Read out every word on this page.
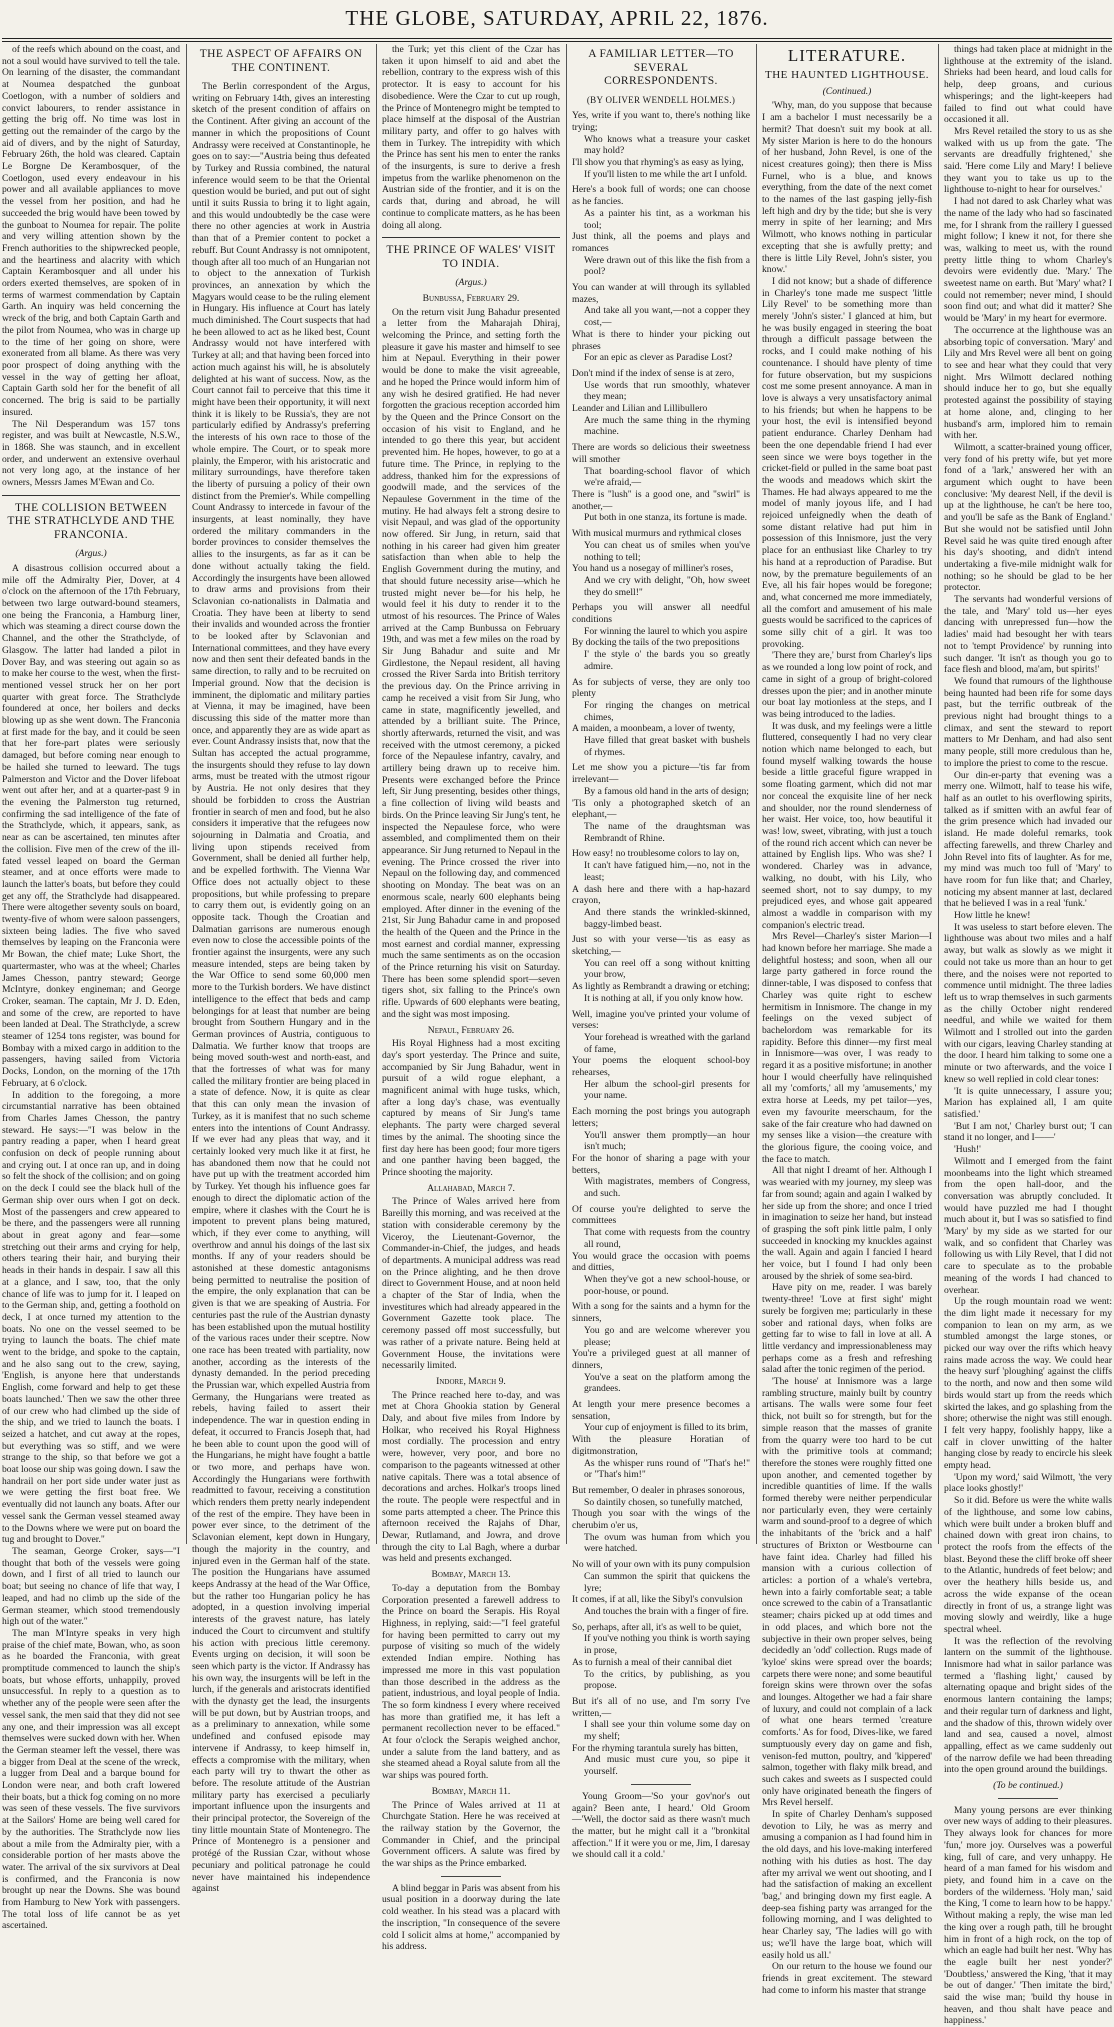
THE GLOBE, SATURDAY, APRIL 22, 1876.

of the reefs which abound on the coast, and not a soul would have survived to tell the tale. On learning of the disaster, the commandant at Noumea despatched the gunboat Coetlogon, with a number of soldiers and convict labourers, to render assistance in getting the brig off. No time was lost in getting out the remainder of the cargo by the aid of divers, and by the night of Saturday, February 26th, the hold was cleared. Captain Le Borgne De Kerambosquer, of the Coetlogon, used every endeavour in his power and all available appliances to move the vessel from her position, and had he succeeded the brig would have been towed by the gunboat to Noumea for repair. The polite and very willing attention shown by the French authorities to the shipwrecked people, and the heartiness and alacrity with which Captain Kerambosquer and all under his orders exerted themselves, are spoken of in terms of warmest commendation by Captain Garth. An inquiry was held concerning the wreck of the brig, and both Captain Garth and the pilot from Noumea, who was in charge up to the time of her going on shore, were exonerated from all blame. As there was very poor prospect of doing anything with the vessel in the way of getting her afloat, Captain Garth sold her for the benefit of all concerned. The brig is said to be partially insured.

The Nil Desperandum was 157 tons register, and was built at Newcastle, N.S.W., in 1868. She was staunch, and in excellent order, and underwent an extensive overhaul not very long ago, at the instance of her owners, Messrs James M'Ewan and Co.

THE COLLISION BETWEEN THE STRATHCLYDE AND THE FRANCONIA.
(Argus.)

A disastrous collision occurred about a mile off the Admiralty Pier, Dover, at 4 o'clock on the afternoon of the 17th February, between two large outward-bound steamers, one being the Franconia, a Hamburg liner, which was steaming a direct course down the Channel, and the other the Strathclyde, of Glasgow. The latter had landed a pilot in Dover Bay, and was steering out again so as to make her course to the west, when the first-mentioned vessel struck her on her port quarter with great force. The Strathclyde foundered at once, her boilers and decks blowing up as she went down. The Franconia at first made for the bay, and it could be seen that her fore-part plates were seriously damaged, but before coming near enough to be hailed she turned to leeward. The tugs Palmerston and Victor and the Dover lifeboat went out after her, and at a quarter-past 9 in the evening the Palmerston tug returned, confirming the sad intelligence of the fate of the Strathclyde, which, it appears, sank, as near as can be ascertained, ten minutes after the collision. Five men of the crew of the ill-fated vessel leaped on board the German steamer, and at once efforts were made to launch the latter's boats, but before they could get any off, the Strathclyde had disappeared. There were altogether seventy souls on board, twenty-five of whom were saloon passengers, sixteen being ladies. The five who saved themselves by leaping on the Franconia were Mr Bowan, the chief mate; Luke Short, the quartermaster, who was at the wheel; Charles James Chesson, pantry steward; George McIntyre, donkey engineman; and George Croker, seaman. The captain, Mr J. D. Eden, and some of the crew, are reported to have been landed at Deal. The Strathclyde, a screw steamer of 1254 tons register, was bound for Bombay with a mixed cargo in addition to the passengers, having sailed from Victoria Docks, London, on the morning of the 17th February, at 6 o'clock.

In addition to the foregoing, a more circumstantial narrative has been obtained from Charles James Chesson, the pantry steward. He says:—"I was below in the pantry reading a paper, when I heard great confusion on deck of people running about and crying out. I at once ran up, and in doing so felt the shock of the collision; and on going on the deck I could see the black hull of the German ship over ours when I got on deck. Most of the passengers and crew appeared to be there, and the passengers were all running about in great agony and fear—some stretching out their arms and crying for help, others tearing their hair, and burying their heads in their hands in despair. I saw all this at a glance, and I saw, too, that the only chance of life was to jump for it. I leaped on to the German ship, and, getting a foothold on deck, I at once turned my attention to the boats. No one on the vessel seemed to be trying to launch the boats. The chief mate went to the bridge, and spoke to the captain, and he also sang out to the crew, saying, 'English, is anyone here that understands English, come forward and help to get these boats launched.' Then we saw the other three of our crew who had climbed up the side of the ship, and we tried to launch the boats. I seized a hatchet, and cut away at the ropes, but everything was so stiff, and we were strange to the ship, so that before we got a boat loose our ship was going down. I saw the handrail on her port side under water just as we were getting the first boat free. We eventually did not launch any boats. After our vessel sank the German vessel steamed away to the Downs where we were put on board the tug and brought to Dover."

The seaman, George Croker, says—"I thought that both of the vessels were going down, and I first of all tried to launch our boat; but seeing no chance of life that way, I leaped, and had no climb up the side of the German steamer, which stood tremendously high out of the water."

The man M'Intyre speaks in very high praise of the chief mate, Bowan, who, as soon as he boarded the Franconia, with great promptitude commenced to launch the ship's boats, but whose efforts, unhappily, proved unsuccessful. In reply to a question as to whether any of the people were seen after the vessel sank, the men said that they did not see any one, and their impression was all except themselves were sucked down with her. When the German steamer left the vessel, there was a bigger from Deal at the scene of the wreck, a lugger from Deal and a barque bound for London were near, and both craft lowered their boats, but a thick fog coming on no more was seen of these vessels. The five survivors at the Sailors' Home are being well cared for by the authorities. The Strathclyde now lies about a mile from the Admiralty pier, with a considerable portion of her masts above the water. The arrival of the six survivors at Deal is confirmed, and the Franconia is now brought up near the Downs. She was bound from Hamburg to New York with passengers. The total loss of life cannot be as yet ascertained.

THE ASPECT OF AFFAIRS ON THE CONTINENT.

The Berlin correspondent of the Argus, writing on February 14th, gives an interesting sketch of the present condition of affairs on the Continent. After giving an account of the manner in which the propositions of Count Andrassy were received at Constantinople, he goes on to say:—"Austria being thus defeated by Turkey and Russia combined, the natural inference would seem to be that the Oriental question would be buried, and put out of sight until it suits Russia to bring it to light again, and this would undoubtedly be the case were there no other agencies at work in Austria than that of a Premier content to pocket a rebuff. But Count Andrassy is not omnipotent, though after all too much of an Hungarian not to object to the annexation of Turkish provinces, an annexation by which the Magyars would cease to be the ruling element in Hungary. His influence at Court has lately much diminished. The Court suspects that had he been allowed to act as he liked best, Count Andrassy would not have interfered with Turkey at all; and that having been forced into action much against his will, he is absolutely delighted at his want of success. Now, as the Court cannot fail to perceive that this time it might have been their opportunity, it will next think it is likely to be Russia's, they are not particularly edified by Andrassy's preferring the interests of his own race to those of the whole empire. The Court, or to speak more plainly, the Emperor, with his aristocratic and military surroundings, have therefore taken the liberty of pursuing a policy of their own distinct from the Premier's. While compelling Count Andrassy to intercede in favour of the insurgents, at least nominally, they have ordered the military commanders in the border provinces to consider themselves the allies to the insurgents, as far as it can be done without actually taking the field. Accordingly the insurgents have been allowed to draw arms and provisions from their Sclavonian co-nationalists in Dalmatia and Croatia. They have been at liberty to send their invalids and wounded across the frontier to be looked after by Sclavonian and International committees, and they have every now and then sent their defeated bands in the same direction, to rally and to be recruited on Imperial ground. Now that the decision is imminent, the diplomatic and military parties at Vienna, it may be imagined, have been discussing this side of the matter more than once, and apparently they are as wide apart as ever. Count Andrassy insists that, now that the Sultan has accepted the actual programme, the insurgents should they refuse to lay down arms, must be treated with the utmost rigour by Austria. He not only desires that they should be forbidden to cross the Austrian frontier in search of men and food, but he also considers it imperative that the refugees now sojourning in Dalmatia and Croatia, and living upon stipends received from Government, shall be denied all further help, and be expelled forthwith. The Vienna War Office does not actually object to these propositions, but while professing to prepare to carry them out, is evidently going on an opposite tack. Though the Croatian and Dalmatian garrisons are numerous enough even now to close the accessible points of the frontier against the insurgents, were any such measure intended, steps are being taken by the War Office to send some 60,000 men more to the Turkish borders. We have distinct intelligence to the effect that beds and camp belongings for at least that number are being brought from Southern Hungary and in the German provinces of Austria, contiguous to Dalmatia. We further know that troops are being moved south-west and north-east, and that the fortresses of what was for many called the military frontier are being placed in a state of defence. Now, it is quite as clear that this can only mean the invasion of Turkey, as it is manifest that no such scheme enters into the intentions of Count Andrassy. If we ever had any pleas that way, and it certainly looked very much like it at first, he has abandoned them now that he could not have put up with the treatment accorded him by Turkey. Yet though his influence goes far enough to direct the diplomatic action of the empire, where it clashes with the Court he is impotent to prevent plans being matured, which, if they ever come to anything, will overthrow and annul his doings of the last six months. If any of your readers should be astonished at these domestic antagonisms being permitted to neutralise the position of the empire, the only explanation that can be given is that we are speaking of Austria. For centuries past the rule of the Austrian dynasty has been established upon the mutual hostility of the various races under their sceptre. Now one race has been treated with partiality, now another, according as the interests of the dynasty demanded. In the period preceding the Prussian war, which expelled Austria from Germany, the Hungarians were treated as rebels, having failed to assert their independence. The war in question ending in defeat, it occurred to Francis Joseph that, had he been able to count upon the good will of the Hungarians, he might have fought a battle or two more, and perhaps have won. Accordingly the Hungarians were forthwith readmitted to favour, receiving a constitution which renders them pretty nearly independent of the rest of the empire. They have been in power ever since, to the detriment of the Sclavonian element, kept down in Hungary, though the majority in the country, and injured even in the German half of the state. The position the Hungarians have assumed keeps Andrassy at the head of the War Office, but the rather too Hungarian policy he has adopted, in a question involving imperial interests of the gravest nature, has lately induced the Court to circumvent and stultify his action with precious little ceremony. Events urging on decision, it will soon be seen which party is the victor. If Andrassy has his own way, the insurgents will be left in the lurch, if the generals and aristocrats identified with the dynasty get the lead, the insurgents will be put down, but by Austrian troops, and as a preliminary to annexation, while some undefined and confused episode may intervene if Andrassy, to keep himself in, effects a compromise with the military, when each party will try to thwart the other as before. The resolute attitude of the Austrian military party has exercised a peculiarly important influence upon the insurgents and their principal protector, the Sovereign of the tiny little mountain State of Montenegro. The Prince of Montenegro is a pensioner and protégé of the Russian Czar, without whose pecuniary and political patronage he could never have maintained his independence against

the Turk; yet this client of the Czar has taken it upon himself to aid and abet the rebellion, contrary to the express wish of this protector. It is easy to account for his disobedience. Were the Czar to cut up rough, the Prince of Montenegro might be tempted to place himself at the disposal of the Austrian military party, and offer to go halves with them in Turkey. The intrepidity with which the Prince has sent his men to enter the ranks of the insurgents, is sure to derive a fresh impetus from the warlike phenomenon on the Austrian side of the frontier, and it is on the cards that, during and abroad, he will continue to complicate matters, as he has been doing all along.

THE PRINCE OF WALES' VISIT TO INDIA.
(Argus.)
Bunbussa, February 29.

On the return visit Jung Bahadur presented a letter from the Maharajah Dhiraj, welcoming the Prince, and setting forth the pleasure it gave his master and himself to see him at Nepaul. Everything in their power would be done to make the visit agreeable, and he hoped the Prince would inform him of any wish he desired gratified. He had never forgotten the gracious reception accorded him by the Queen and the Prince Consort on the occasion of his visit to England, and he intended to go there this year, but accident prevented him. He hopes, however, to go at a future time. The Prince, in replying to the address, thanked him for the expressions of goodwill made, and the services of the Nepaulese Government in the time of the mutiny. He had always felt a strong desire to visit Nepaul, and was glad of the opportunity now offered. Sir Jung, in return, said that nothing in his career had given him greater satisfaction than when able to help the English Government during the mutiny, and that should future necessity arise—which he trusted might never be—for his help, he would feel it his duty to render it to the utmost of his resources. The Prince of Wales arrived at the Camp Bunbussa on February 19th, and was met a few miles on the road by Sir Jung Bahadur and suite and Mr Girdlestone, the Nepaul resident, all having crossed the River Sarda into British territory the previous day. On the Prince arriving in camp he received a visit from Sir Jung, who came in state, magnificently jewelled, and attended by a brilliant suite. The Prince, shortly afterwards, returned the visit, and was received with the utmost ceremony, a picked force of the Nepaulese infantry, cavalry, and artillery being drawn up to receive him. Presents were exchanged before the Prince left, Sir Jung presenting, besides other things, a fine collection of living wild beasts and birds. On the Prince leaving Sir Jung's tent, he inspected the Nepaulese force, who were assembled, and complimented them on their appearance. Sir Jung returned to Nepaul in the evening. The Prince crossed the river into Nepaul on the following day, and commenced shooting on Monday. The beat was on an enormous scale, nearly 600 elephants being employed. After dinner in the evening of the 21st, Sir Jung Bahadur came in and proposed the health of the Queen and the Prince in the most earnest and cordial manner, expressing much the same sentiments as on the occasion of the Prince returning his visit on Saturday. There has been some splendid sport—seven tigers shot, six falling to the Prince's own rifle. Upwards of 600 elephants were beating, and the sight was most imposing.

Nepaul, February 26.

His Royal Highness had a most exciting day's sport yesterday. The Prince and suite, accompanied by Sir Jung Bahadur, went in pursuit of a wild rogue elephant, a magnificent animal with huge tusks, which, after a long day's chase, was eventually captured by means of Sir Jung's tame elephants. The party were charged several times by the animal. The shooting since the first day here has been good; four more tigers and one panther having been bagged, the Prince shooting the majority.

Allahabad, March 7.

The Prince of Wales arrived here from Bareilly this morning, and was received at the station with considerable ceremony by the Viceroy, the Lieutenant-Governor, the Commander-in-Chief, the judges, and heads of departments. A municipal address was read on the Prince alighting, and he then drove direct to Government House, and at noon held a chapter of the Star of India, when the investitures which had already appeared in the Government Gazette took place. The ceremony passed off most successfully, but was rather of a private nature. Being held at Government House, the invitations were necessarily limited.

Indore, March 9.

The Prince reached here to-day, and was met at Chora Ghookia station by General Daly, and about five miles from Indore by Holkar, who received his Royal Highness most cordially. The procession and entry were, however, very poor, and bore no comparison to the pageants witnessed at other native capitals. There was a total absence of decorations and arches. Holkar's troops lined the route. The people were respectful and in some parts attempted a cheer. The Prince this afternoon received the Rajahs of Dhar, Dewar, Rutlamand, and Jowra, and drove through the city to Lal Bagh, where a durbar was held and presents exchanged.

Bombay, March 13.

To-day a deputation from the Bombay Corporation presented a farewell address to the Prince on board the Serapis. His Royal Highness, in replying, said:—"I feel grateful for having been permitted to carry out my purpose of visiting so much of the widely extended Indian empire. Nothing has impressed me more in this vast population than those described in the address as the patient, industrious, and loyal people of India. The so form kindness I every where received has more than gratified me, it has left a permanent recollection never to be effaced." At four o'clock the Serapis weighed anchor, under a salute from the land battery, and as she steamed ahead a Royal salute from all the war ships was poured forth.

Bombay, March 11.

The Prince of Wales arrived at 11 at Churchgate Station. Here he was received at the railway station by the Governor, the Commander in Chief, and the principal Government officers. A salute was fired by the war ships as the Prince embarked.

A blind beggar in Paris was absent from his usual position in a doorway during the late cold weather. In his stead was a placard with the inscription, "In consequence of the severe cold I solicit alms at home," accompanied by his address.

A FAMILIAR LETTER—TO SEVERAL CORRESPONDENTS.
(BY OLIVER WENDELL HOLMES.)

Yes, write if you want to, there's nothing like trying;

Who knows what a treasure your casket may hold?

I'll show you that rhyming's as easy as lying,

If you'll listen to me while the art I unfold.

Here's a book full of words; one can choose as he fancies.

As a painter his tint, as a workman his tool;

Just think, all the poems and plays and romances

Were drawn out of this like the fish from a pool?

You can wander at will through its syllabled mazes,

And take all you want,—not a copper they cost,—

What is there to hinder your picking out phrases

For an epic as clever as Paradise Lost?

Don't mind if the index of sense is at zero,

Use words that run smoothly, whatever they mean;

Leander and Lilian and Lillibullero

Are much the same thing in the rhyming machine.

There are words so delicious their sweetness will smother

That boarding-school flavor of which we're afraid,—

There is "lush" is a good one, and "swirl" is another,—

Put both in one stanza, its fortune is made.

With musical murmurs and rythmical closes

You can cheat us of smiles when you've nothing to tell;

You hand us a nosegay of milliner's roses,

And we cry with delight, "Oh, how sweet they do smell!"

Perhaps you will answer all needful conditions

For winning the laurel to which you aspire

By docking the tails of the two prepositions

I' the style o' the bards you so greatly admire.

As for subjects of verse, they are only too plenty

For ringing the changes on metrical chimes,

A maiden, a moonbeam, a lover of twenty,

Have filled that great basket with bushels of rhymes.

Let me show you a picture—'tis far from irrelevant—

By a famous old hand in the arts of design;

'Tis only a photographed sketch of an elephant,—

The name of the draughtsman was Rembrandt of Rhine.

How easy! no troublesome colors to lay on,

It can't have fatigued him,—no, not in the least;

A dash here and there with a hap-hazard crayon,

And there stands the wrinkled-skinned, baggy-limbed beast.

Just so with your verse—'tis as easy as sketching,—

You can reel off a song without knitting your brow,

As lightly as Rembrandt a drawing or etching;

It is nothing at all, if you only know how.

Well, imagine you've printed your volume of verses:

Your forehead is wreathed with the garland of fame,

Your poems the eloquent school-boy rehearses,

Her album the school-girl presents for your name.

Each morning the post brings you autograph letters;

You'll answer them promptly—an hour isn't much;

For the honor of sharing a page with your betters,

With magistrates, members of Congress, and such.

Of course you're delighted to serve the committees

That come with requests from the country all round,

You would grace the occasion with poems and ditties,

When they've got a new school-house, or poor-house, or pound.

With a song for the saints and a hymn for the sinners,

You go and are welcome wherever you please;

You're a privileged guest at all manner of dinners,

You've a seat on the platform among the grandees.

At length your mere presence becomes a sensation,

Your cup of enjoyment is filled to its brim,

With the pleasure Horatian of digitmonstration,

As the whisper runs round of "That's he!" or "That's him!"

But remember, O dealer in phrases sonorous,

So daintily chosen, so tunefully matched,

Though you soar with the wings of the cherubim o'er us,

The ovum was human from which you were hatched.

No will of your own with its puny compulsion

Can summon the spirit that quickens the lyre;

It comes, if at all, like the Sibyl's convulsion

And touches the brain with a finger of fire.

So, perhaps, after all, it's as well to be quiet,

If you've nothing you think is worth saying in prose,

As to furnish a meal of their cannibal diet

To the critics, by publishing, as you propose.

But it's all of no use, and I'm sorry I've written,—

I shall see your thin volume some day on my shelf;

For the rhyming tarantula surely has bitten,

And music must cure you, so pipe it yourself.

Young Groom—'So your gov'nor's out again? Been ante, I heard.' Old Groom—'Well, the doctor said as there wasn't much the matter, but he might call it a "bronkital affection." If it were you or me, Jim, I daresay we should call it a cold.'

LITERATURE.
THE HAUNTED LIGHTHOUSE.
(Continued.)

'Why, man, do you suppose that because I am a bachelor I must necessarily be a hermit? That doesn't suit my book at all. My sister Marion is here to do the honours of her husband, John Revel, is one of the nicest creatures going); then there is Miss Furnel, who is a blue, and knows everything, from the date of the next comet to the names of the last gasping jelly-fish left high and dry by the tide; but she is very merry in spite of her learning; and Mrs Wilmott, who knows nothing in particular excepting that she is awfully pretty; and there is little Lily Revel, John's sister, you know.'

I did not know; but a shade of difference in Charley's tone made me suspect 'little Lily Revel' to be something more than merely 'John's sister.' I glanced at him, but he was busily engaged in steering the boat through a difficult passage between the rocks, and I could make nothing of his countenance. I should have plenty of time for future observation, but my suspicions cost me some present annoyance. A man in love is always a very unsatisfactory animal to his friends; but when he happens to be your host, the evil is intensified beyond patient endurance. Charley Denham had been the one dependable friend I had ever seen since we were boys together in the cricket-field or pulled in the same boat past the woods and meadows which skirt the Thames. He had always appeared to me the model of manly joyous life, and I had rejoiced unfeignedly when the death of some distant relative had put him in possession of this Innismore, just the very place for an enthusiast like Charley to try his hand at a reproduction of Paradise. But now, by the premature beguilements of an Eve, all his fair hopes would be foregone; and, what concerned me more immediately, all the comfort and amusement of his male guests would be sacrificed to the caprices of some silly chit of a girl. It was too provoking.

'There they are,' burst from Charley's lips as we rounded a long low point of rock, and came in sight of a group of bright-colored dresses upon the pier; and in another minute our boat lay motionless at the steps, and I was being introduced to the ladies.

It was dusk, and my feelings were a little fluttered, consequently I had no very clear notion which name belonged to each, but found myself walking towards the house beside a little graceful figure wrapped in some floating garment, which did not mar nor conceal the exquisite line of her neck and shoulder, nor the round slenderness of her waist. Her voice, too, how beautiful it was! low, sweet, vibrating, with just a touch of the round rich accent which can never be attained by English lips. Who was she? I wondered. Charley was in advance, walking, no doubt, with his Lily, who seemed short, not to say dumpy, to my prejudiced eyes, and whose gait appeared almost a waddle in comparison with my companion's electric tread.

Mrs Revel—Charley's sister Marion—I had known before her marriage. She made a delightful hostess; and soon, when all our large party gathered in force round the dinner-table, I was disposed to confess that Charley was quite right to eschew hermitism in Innismore. The change in my feelings on the vexed subject of bachelordom was remarkable for its rapidity. Before this dinner—my first meal in Innismore—was over, I was ready to regard it as a positive misfortune; in another hour I would cheerfully have relinquished all my 'comforts,' all my 'amusements,' my extra horse at Leeds, my pet tailor—yes, even my favourite meerschaum, for the sake of the fair creature who had dawned on my senses like a vision—the creature with the glorious figure, the cooing voice, and the face to match.

All that night I dreamt of her. Although I was wearied with my journey, my sleep was far from sound; again and again I walked by her side up from the shore; and once I tried in imagination to seize her hand, but instead of grasping the soft pink little palm, I only succeeded in knocking my knuckles against the wall. Again and again I fancied I heard her voice, but I found I had only been aroused by the shriek of some sea-bird.

Have pity on me, reader. I was barely twenty-three! 'Love at first sight' might surely be forgiven me; particularly in these sober and rational days, when folks are getting far to wise to fall in love at all. A little verdancy and impressionableness may perhaps come as a fresh and refreshing salad after the tonic regimen of the period.

'The house' at Innismore was a large rambling structure, mainly built by country artisans. The walls were some four feet thick, not built so for strength, but for the simple reason that the masses of granite from the quarry were too hard to be cut with the primitive tools at command; therefore the stones were roughly fitted one upon another, and cemented together by incredible quantities of lime. If the walls formed thereby were neither perpendicular nor particularly even, they were certainly warm and sound-proof to a degree of which the inhabitants of the 'brick and a half' structures of Brixton or Westbourne can have faint idea. Charley had filled his mansion with a curious collection of articles: a portion of a whale's vertebra, hewn into a fairly comfortable seat; a table once screwed to the cabin of a Transatlantic steamer; chairs picked up at odd times and in odd places, and which bore not the subjective in their own proper selves, being decidedly an 'odd' collection. Rugs made of 'kyloe' skins were spread over the boards; carpets there were none; and some beautiful foreign skins were thrown over the sofas and lounges. Altogether we had a fair share of luxury, and could not complain of a lack of what one hears termed 'creature comforts.' As for food, Dives-like, we fared sumptuously every day on game and fish, venison-fed mutton, poultry, and 'kippered' salmon, together with flaky milk bread, and such cakes and sweets as I suspected could only have originated beneath the fingers of Mrs Revel herself.

In spite of Charley Denham's supposed devotion to Lily, he was as merry and amusing a companion as I had found him in the old days, and his love-making interfered nothing with his duties as host. The day after my arrival we went out shooting, and I had the satisfaction of making an excellent 'bag,' and bringing down my first eagle. A deep-sea fishing party was arranged for the following morning, and I was delighted to hear Charley say, 'The ladies will go with us; we'll have the large boat, which will easily hold us all.'

On our return to the house we found our friends in great excitement. The steward had come to inform his master that strange

things had taken place at midnight in the lighthouse at the extremity of the island. Shrieks had been heard, and loud calls for help, deep groans, and curious whisperings; and the light-keepers had failed to find out what could have occasioned it all.

Mrs Revel retailed the story to us as she walked with us up from the gate. 'The servants are dreadfully frightened,' she said. 'Here come Lily and Mary! I believe they want you to take us up to the lighthouse to-night to hear for ourselves.'

I had not dared to ask Charley what was the name of the lady who had so fascinated me, for I shrank from the raillery I guessed might follow; I knew it not, for there she was, walking to meet us, with the round pretty little thing to whom Charley's devoirs were evidently due. 'Mary.' The sweetest name on earth. But 'Mary' what? I could not remember; never mind, I should soon find out; and what did it matter? She would be 'Mary' in my heart for evermore.

The occurrence at the lighthouse was an absorbing topic of conversation. 'Mary' and Lily and Mrs Revel were all bent on going to see and hear what they could that very night. Mrs Wilmott declared nothing should induce her to go, but she equally protested against the possibility of staying at home alone, and, clinging to her husband's arm, implored him to remain with her.

Wilmott, a scatter-brained young officer, very fond of his pretty wife, but yet more fond of a 'lark,' answered her with an argument which ought to have been conclusive: 'My dearest Nell, if the devil is up at the lighthouse, he can't be here too, and you'll be safe as the Bank of England.' But she would not be satisfied until John Revel said he was quite tired enough after his day's shooting, and didn't intend undertaking a five-mile midnight walk for nothing; so he should be glad to be her protector.

The servants had wonderful versions of the tale, and 'Mary' told us—her eyes dancing with unrepressed fun—how the ladies' maid had besought her with tears not to 'tempt Providence' by running into such danger. 'It isn't as though you go to face flesh and blood, ma'am, but spirits!'

We found that rumours of the lighthouse being haunted had been rife for some days past, but the terrific outbreak of the previous night had brought things to a climax, and sent the steward to report matters to Mr Denham, and had also sent many people, still more credulous than he, to implore the priest to come to the rescue.

Our din-er-party that evening was a merry one. Wilmott, half to tease his wife, half as an outlet to his overflowing spirits, talked as if smitten with an awful fear of the grim presence which had invaded our island. He made doleful remarks, took affecting farewells, and threw Charley and John Revel into fits of laughter. As for me, my mind was much too full of 'Mary' to have room for fun like that; and Charley, noticing my absent manner at last, declared that he believed I was in a real 'funk.'

How little he knew!

It was useless to start before eleven. The lighthouse was about two miles and a half away, but walk as slowly as we might it could not take us more than an hour to get there, and the noises were not reported to commence until midnight. The three ladies left us to wrap themselves in such garments as the chilly October night rendered needful, and while we waited for them Wilmott and I strolled out into the garden with our cigars, leaving Charley standing at the door. I heard him talking to some one a minute or two afterwards, and the voice I knew so well replied in cold clear tones:

'It is quite unnecessary, I assure you; Marion has explained all, I am quite satisfied.'

'But I am not,' Charley burst out; 'I can stand it no longer, and I——'

'Hush!'

Wilmott and I emerged from the faint moonbeams into the light which streamed from the open hall-door, and the conversation was abruptly concluded. It would have puzzled me had I thought much about it, but I was so satisfied to find 'Mary' by my side as we started for our walk, and so confident that Charley was following us with Lily Revel, that I did not care to speculate as to the probable meaning of the words I had chanced to overhear.

Up the rough mountain road we went: the dim light made it necessary for my companion to lean on my arm, as we stumbled amongst the large stones, or picked our way over the rifts which heavy rains made across the way. We could hear the heavy surf 'ploughing' against the cliffs to the north, and now and then some wild birds would start up from the reeds which skirted the lakes, and go splashing from the shore; otherwise the night was still enough. I felt very happy, foolishly happy, like a calf in clover unwitting of the halter hanging close by ready to encircle his sleek empty head.

'Upon my word,' said Wilmott, 'the very place looks ghostly!'

So it did. Before us were the white walls of the lighthouse, and some low cabins, which were built under a broken bluff and chained down with great iron chains, to protect the roofs from the effects of the blast. Beyond these the cliff broke off sheer to the Atlantic, hundreds of feet below; and over the heathery hills beside us, and across the wide expanse of the ocean directly in front of us, a strange light was moving slowly and weirdly, like a huge spectral wheel.

It was the reflection of the revolving lantern on the summit of the lighthouse. Innismore had what in sailor parlance was termed a 'flashing light,' caused by alternating opaque and bright sides of the enormous lantern containing the lamps; and their regular turn of darkness and light, and the shadow of this, thrown widely over land and sea, caused a novel, almost appalling, effect as we came suddenly out of the narrow defile we had been threading into the open ground around the buildings.

(To be continued.)

Many young persons are ever thinking over new ways of adding to their pleasures. They always look for chances for more 'fun,' more joy. Ourselves was a powerful king, full of care, and very unhappy. He heard of a man famed for his wisdom and piety, and found him in a cave on the borders of the wilderness. 'Holy man,' said the King, 'I come to learn how to be happy.' Without making a reply, the wise man led the king over a rough path, till he brought him in front of a high rock, on the top of which an eagle had built her nest. 'Why has the eagle built her nest yonder?' 'Doubtless,' answered the King, 'that it may be out of danger.' 'Then imitate the bird,' said the wise man; 'build thy house in heaven, and thou shalt have peace and happiness.'
